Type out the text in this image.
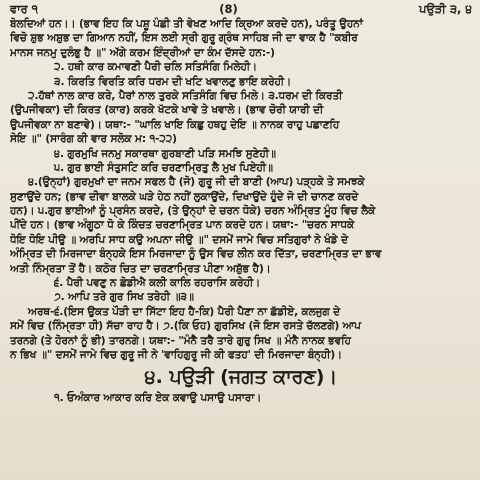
ਵਾਰ ੧	(8)	ਪਉੜੀ ੩, ੪
ਬੋਲਦਿਆਂ ਹਨ।। (ਭਾਵ ਇਹ ਕਿ ਪਸ਼ੂ ਪੰਛੀ ਤੀ ਵੇਖਣ ਆਦਿ ਕ੍ਰਿਆ ਕਰਦੇ ਹਨ), ਪਰੰਤੂ ਉਹਨਾਂ
ਵਿਚੋ ਸ਼ੁਭ ਅਸ਼ੁਭ ਦਾ ਗਿਆਨ ਨਹੀਂ, ਇਸ ਲਈ ਸ੍ਰੀ ਗੁਰੂ ਗ੍ਰੰਥ ਸਾਹਿਬ ਜੀ ਦਾ ਵਾਕ ਹੈ "ਕਬੀਰ
ਮਾਨਸ ਜਨਮੁ ਦੁਲੰਭੁ ਹੈ ॥" ਅੱਗੇ ਕਰਮ ਇੰਦ੍ਰੀਆਂ ਦਾ ਕੰਮ ਦੱਸਦੇ ਹਨ:-)
੨. ਹਥੀ ਕਾਰ ਕਮਾਵਣੀ ਪੈਰੀ ਚਲਿ ਸਤਿਸੰਗਿ ਮਿਲੇਹੀ।
੩. ਕਿਰਤਿ ਵਿਰਤਿ ਕਰਿ ਧਰਮ ਦੀ ਖਟਿ ਖਵਾਲਣੁ ਭਾਇ ਕਰੇਹੀ।
੨.ਹੱਥਾਂ ਨਾਲ ਕਾਰ ਕਰੇ, ਪੈਰਾਂ ਨਾਲ ਤੁਰਕੇ ਸਤਿਸੰਗਿ ਵਿਚ ਮਿਲੇ। ੩.ਧਰਮ ਦੀ ਕਿਰਤੀ
(ਉਪਜੀਵਕਾ) ਦੀ ਕਿਰਤ (ਕਾਰ) ਕਰਕੇ ਖੱਟਕੇ ਖਾਵੇ ਤੇ ਖਵਾਲੇ। (ਭਾਵ ਚੋਰੀ ਯਾਰੀ ਦੀ
ਉਪਜੀਵਕਾ ਨਾ ਬਣਾਵੇ)। ਯਥਾ:- "ਘਾਲਿ ਖਾਇ ਕਿਛੁ ਹਥਹੁ ਦੇਇ ॥ ਨਾਨਕ ਰਾਹੁ ਪਛਾਣਹਿ
ਸੇਇ ॥" (ਸਾਰੰਗ ਕੀ ਵਾਰ ਸਲੋਕ ਮ: ੧-੨੨)
੪. ਗੁਰਮੁਖਿ ਜਨਮੁ ਸਕਾਰਥਾ ਗੁਰਬਾਣੀ ਪੜਿ ਸਮਝਿ ਸੁਣੇਹੀ॥
੫. ਗੁਰ ਭਾਈ ਸੰਤੁਸਟਿ ਕਰਿ ਚਰਣਾਮ੍ਰਿਤੁ ਲੈ ਮੁਖ ਪਿਏਹੀ॥
੪.(ਉਨ੍ਹਾਂ) ਗੁਰਮੁਖਾਂ ਦਾ ਜਨਮ ਸਫਲ ਹੈ (ਜੋ) ਗੁਰੂ ਜੀ ਦੀ ਬਾਣੀ (ਆਪ) ਪੜ੍ਹਕੇ ਤੇ ਸਮਝਕੇ
ਸੁਣਾਉਂਦੇ ਹਨ; (ਭਾਵ ਦੀਵਾ ਬਾਲਕੇ ਘੜੇ ਹੇਠ ਨਹੀਂ ਲੁਕਾਉਂਦੇ, ਦਿਖਾਉਂਦੇ ਹੁੰਦੇ ਜੋ ਦੀ ਚਾਨਣ ਕਰਦੇ
ਹਨ)। ੫.ਗੁਰ ਭਾਈਆਂ ਨੂੰ ਪ੍ਰਸੰਨ ਕਰਦੇ, (ਤੇ ਉਨ੍ਹਾਂ ਦੇ ਚਰਨ ਧੋਕੇ) ਚਰਨ ਅੰਮ੍ਰਿਤ ਮੂੰਹ ਵਿਚ ਲੈਕੇ
ਪੀਂਦੇ ਹਨ। (ਭਾਵ ਅੰਗੂਠਾ ਧੋ ਕੇ ਕਿੰਚਤ ਚਰਣਾਮ੍ਰਿਤ ਪਾਨ ਕਰਦੇ ਹਨ। ਯਥਾ:- "ਚਰਨ ਸਾਧਕੇ
ਧੋਇ ਧੋਇ ਪੀਉ ॥ ਅਰਪਿ ਸਾਧ ਕਉ ਅਪਨਾ ਜੀਉ ॥" ਦਸਮੇਂ ਜਾਮੇ ਵਿਚ ਸਤਿਗੁਰਾਂ ਨੇ ਖੰਡੇ ਦੇ
ਅੰਮ੍ਰਿਤ ਦੀ ਮਿਰਜਾਦਾ ਬੰਨ੍ਹਕੇ ਇਸ ਮਿਰਜਾਦਾ ਨੂੰ ਉਸ ਵਿਚ ਲੀਨ ਕਰ ਦਿੱਤਾ, ਚਰਣਾਮ੍ਰਿਤ ਦਾ ਭਾਵ
ਅਤੀ ਨਿੰਮ੍ਰਤਾ ਤੋਂ ਹੈ। ਕਠੋਰ ਚਿਤ ਦਾ ਚਰਣਾਮ੍ਰਿਤ ਪੀਣਾ ਅਸ਼ੁੱਭ ਹੈ)।
੬. ਪੈਰੀ ਪਵਣੁ ਨ ਛੋਡੀਐ ਕਲੀ ਕਾਲਿ ਰਹਰਾਸਿ ਕਰੇਹੀ।
੭. ਆਪਿ ਤਰੇ ਗੁਰ ਸਿਖ ਤਰੇਹੀ ॥੩॥
ਅਰਥ-੬.(ਇਸ ਉਕਤ ਪੌੜੀ ਦਾ ਸਿੱਟਾ ਇਹ ਹੈ-ਕਿ) ਪੈਰੀ ਪੈਣਾ ਨਾ ਛੱਡੀਏ, ਕਲਜੁਗ ਦੇ
ਸਮੇਂ ਵਿਚ (ਨਿੰਮ੍ਰਤਾ ਹੀ) ਸੱਚਾ ਰਾਹ ਹੈ। ੭.(ਕਿ ਓਹ) ਗੁਰਸਿਖ (ਜੋ ਇਸ ਰਸਤੇ ਚੱਲਣਗੇ) ਆਪ
ਤਰਨਗੇ (ਤੇ ਹੋਰਨਾਂ ਨੂੰ ਭੀ) ਤਾਰਨਗੇ। ਯਥਾ:- "ਮੰਨੈ ਤਰੈ ਤਾਰੇ ਗੁਰੁ ਸਿਖ ॥ ਮੰਨੈ ਨਾਨਕ ਭਵਹਿ
ਨ ਭਿਖ ॥" ਦਸਮੇਂ ਜਾਮੇ ਵਿਚ ਗੁਰੂ ਜੀ ਨੇ 'ਵਾਹਿਗੁਰੂ ਜੀ ਕੀ ਫਤਹ' ਦੀ ਮਿਰਜਾਦਾ ਬੰਨ੍ਹੀ)।
੪. ਪਉੜੀ (ਜਗਤ ਕਾਰਣ)।
੧. ਓਅੰਕਾਰ ਆਕਾਰ ਕਰਿ ਏਕ ਕਵਾਉ ਪਸਾਉ ਪਸਾਰਾ।
